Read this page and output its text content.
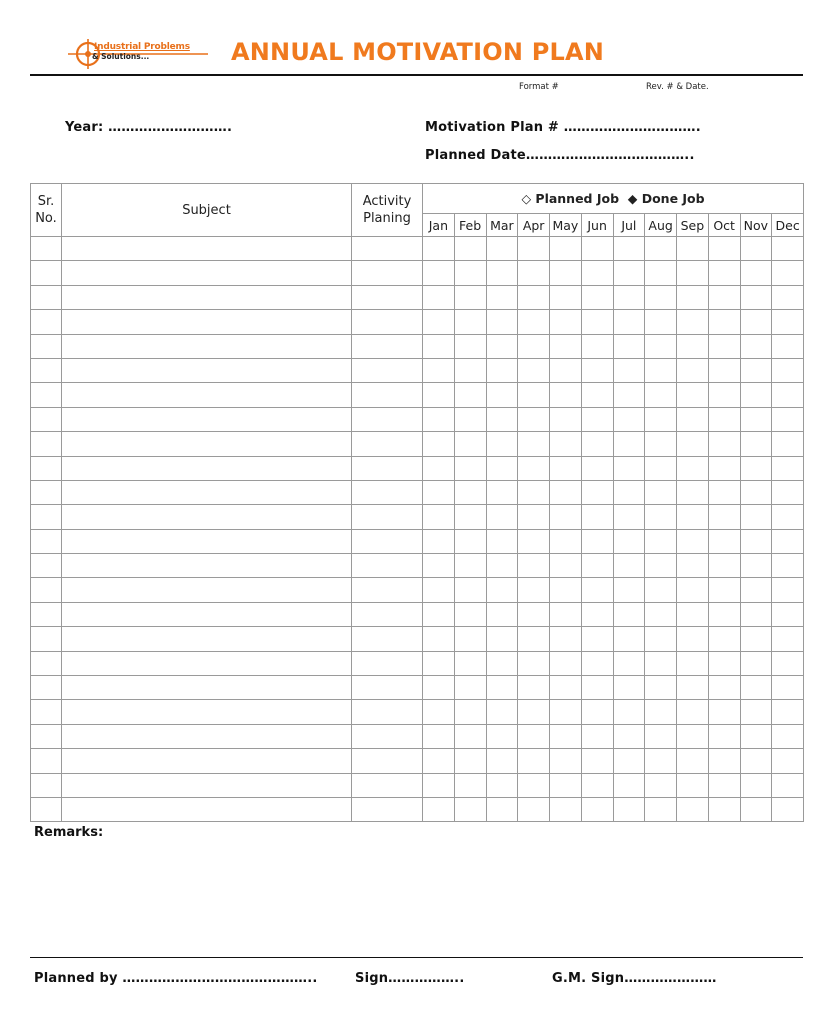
Industrial Problems
& Solutions...	ANNUAL MOTIVATION PLAN
Format #	Rev. # & Date.
Year: ……………………….	Motivation Plan # ………………………….
Planned Date………………………………..
Sr. No.	Subject	Activity Planing	◇ Planned Job  ◆ Done Job											
			Jan	Feb	Mar	Apr	May	Jun	Jul	Aug	Sep	Oct	Nov	Dec

Remarks:
Planned by ……………………………………..	Sign……………..	G.M. Sign…………………
